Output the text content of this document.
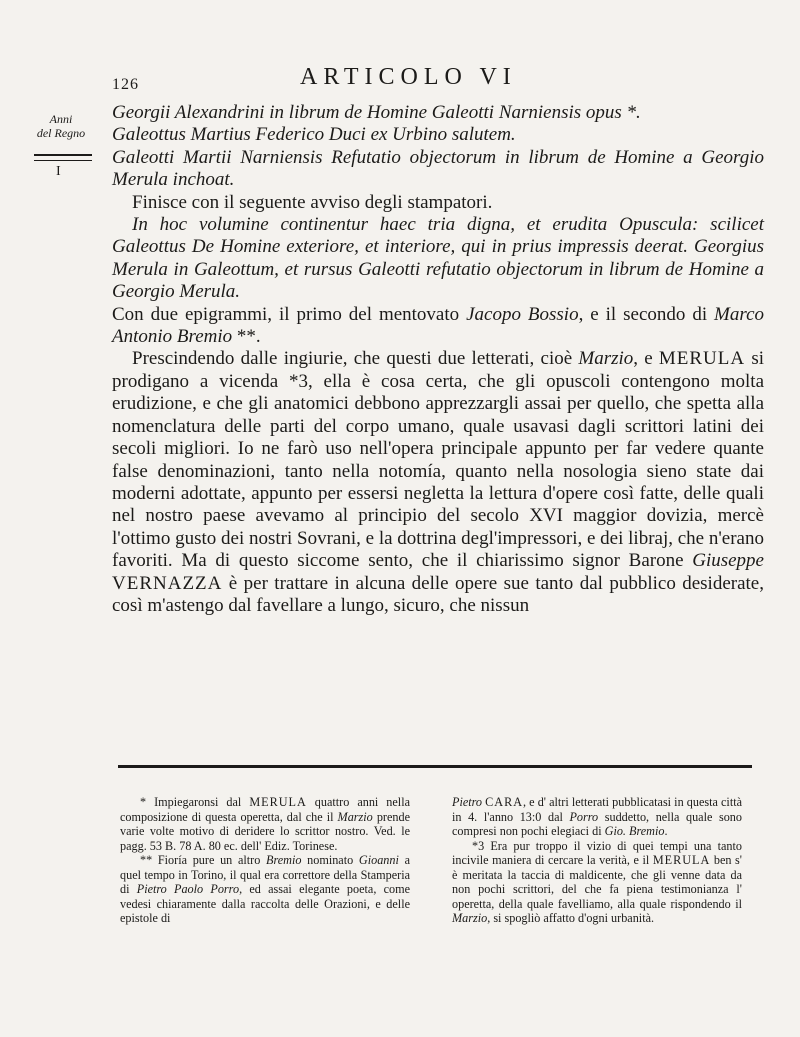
126	ARTICOLO VI
Anni
del Regno
I

Georgii Alexandrini in librum de Homine Galeotti Narniensis opus *.

Galeottus Martius Federico Duci ex Urbino salutem.

Galeotti Martii Narniensis Refutatio objectorum in librum de Homine a Georgio Merula inchoat.

Finisce con il seguente avviso degli stampatori.

In hoc volumine continentur haec tria digna, et erudita Opuscula: scilicet Galeottus De Homine exteriore, et interiore, qui in prius impressis deerat. Georgius Merula in Galeottum, et rursus Galeotti refutatio objectorum in librum de Homine a Georgio Merula.

Con due epigrammi, il primo del mentovato Jacopo Bossio, e il secondo di Marco Antonio Bremio **.

Prescindendo dalle ingiurie, che questi due letterati, cioè Marzio, e MERULA si prodigano a vicenda *3, ella è cosa certa, che gli opuscoli contengono molta erudizione, e che gli anatomici debbono apprezzargli assai per quello, che spetta alla nomenclatura delle parti del corpo umano, quale usavasi dagli scrittori latini dei secoli migliori. Io ne farò uso nell'opera principale appunto per far vedere quante false denominazioni, tanto nella notomía, quanto nella nosologia sieno state dai moderni adottate, appunto per essersi negletta la lettura d'opere così fatte, delle quali nel nostro paese avevamo al principio del secolo XVI maggior dovizia, mercè l'ottimo gusto dei nostri Sovrani, e la dottrina degl'impressori, e dei libraj, che n'erano favoriti. Ma di questo siccome sento, che il chiarissimo signor Barone Giuseppe VERNAZZA è per trattare in alcuna delle opere sue tanto dal pubblico desiderate, così m'astengo dal favellare a lungo, sicuro, che nissun

* Impiegaronsi dal MERULA quattro anni nella composizione di questa operetta, dal che il Marzio prende varie volte motivo di deridere lo scrittor nostro. Ved. le pagg. 53 B. 78 A. 80 ec. dell' Ediz. Torinese.

** Fioría pure un altro Bremio nominato Gioanni a quel tempo in Torino, il qual era correttore della Stamperia di Pietro Paolo Porro, ed assai elegante poeta, come vedesi chiaramente dalla raccolta delle Orazioni, e delle epistole di

Pietro CARA, e d' altri letterati pubblicatasi in questa città in 4. l'anno 13:0 dal Porro suddetto, nella quale sono compresi non pochi elegiaci di Gio. Bremio.

*3 Era pur troppo il vizio di quei tempi una tanto incivile maniera di cercare la verità, e il MERULA ben s' è meritata la taccia di maldicente, che gli venne data da non pochi scrittori, del che fa piena testimonianza l' operetta, della quale favelliamo, alla quale rispondendo il Marzio, si spogliò affatto d'ogni urbanità.
